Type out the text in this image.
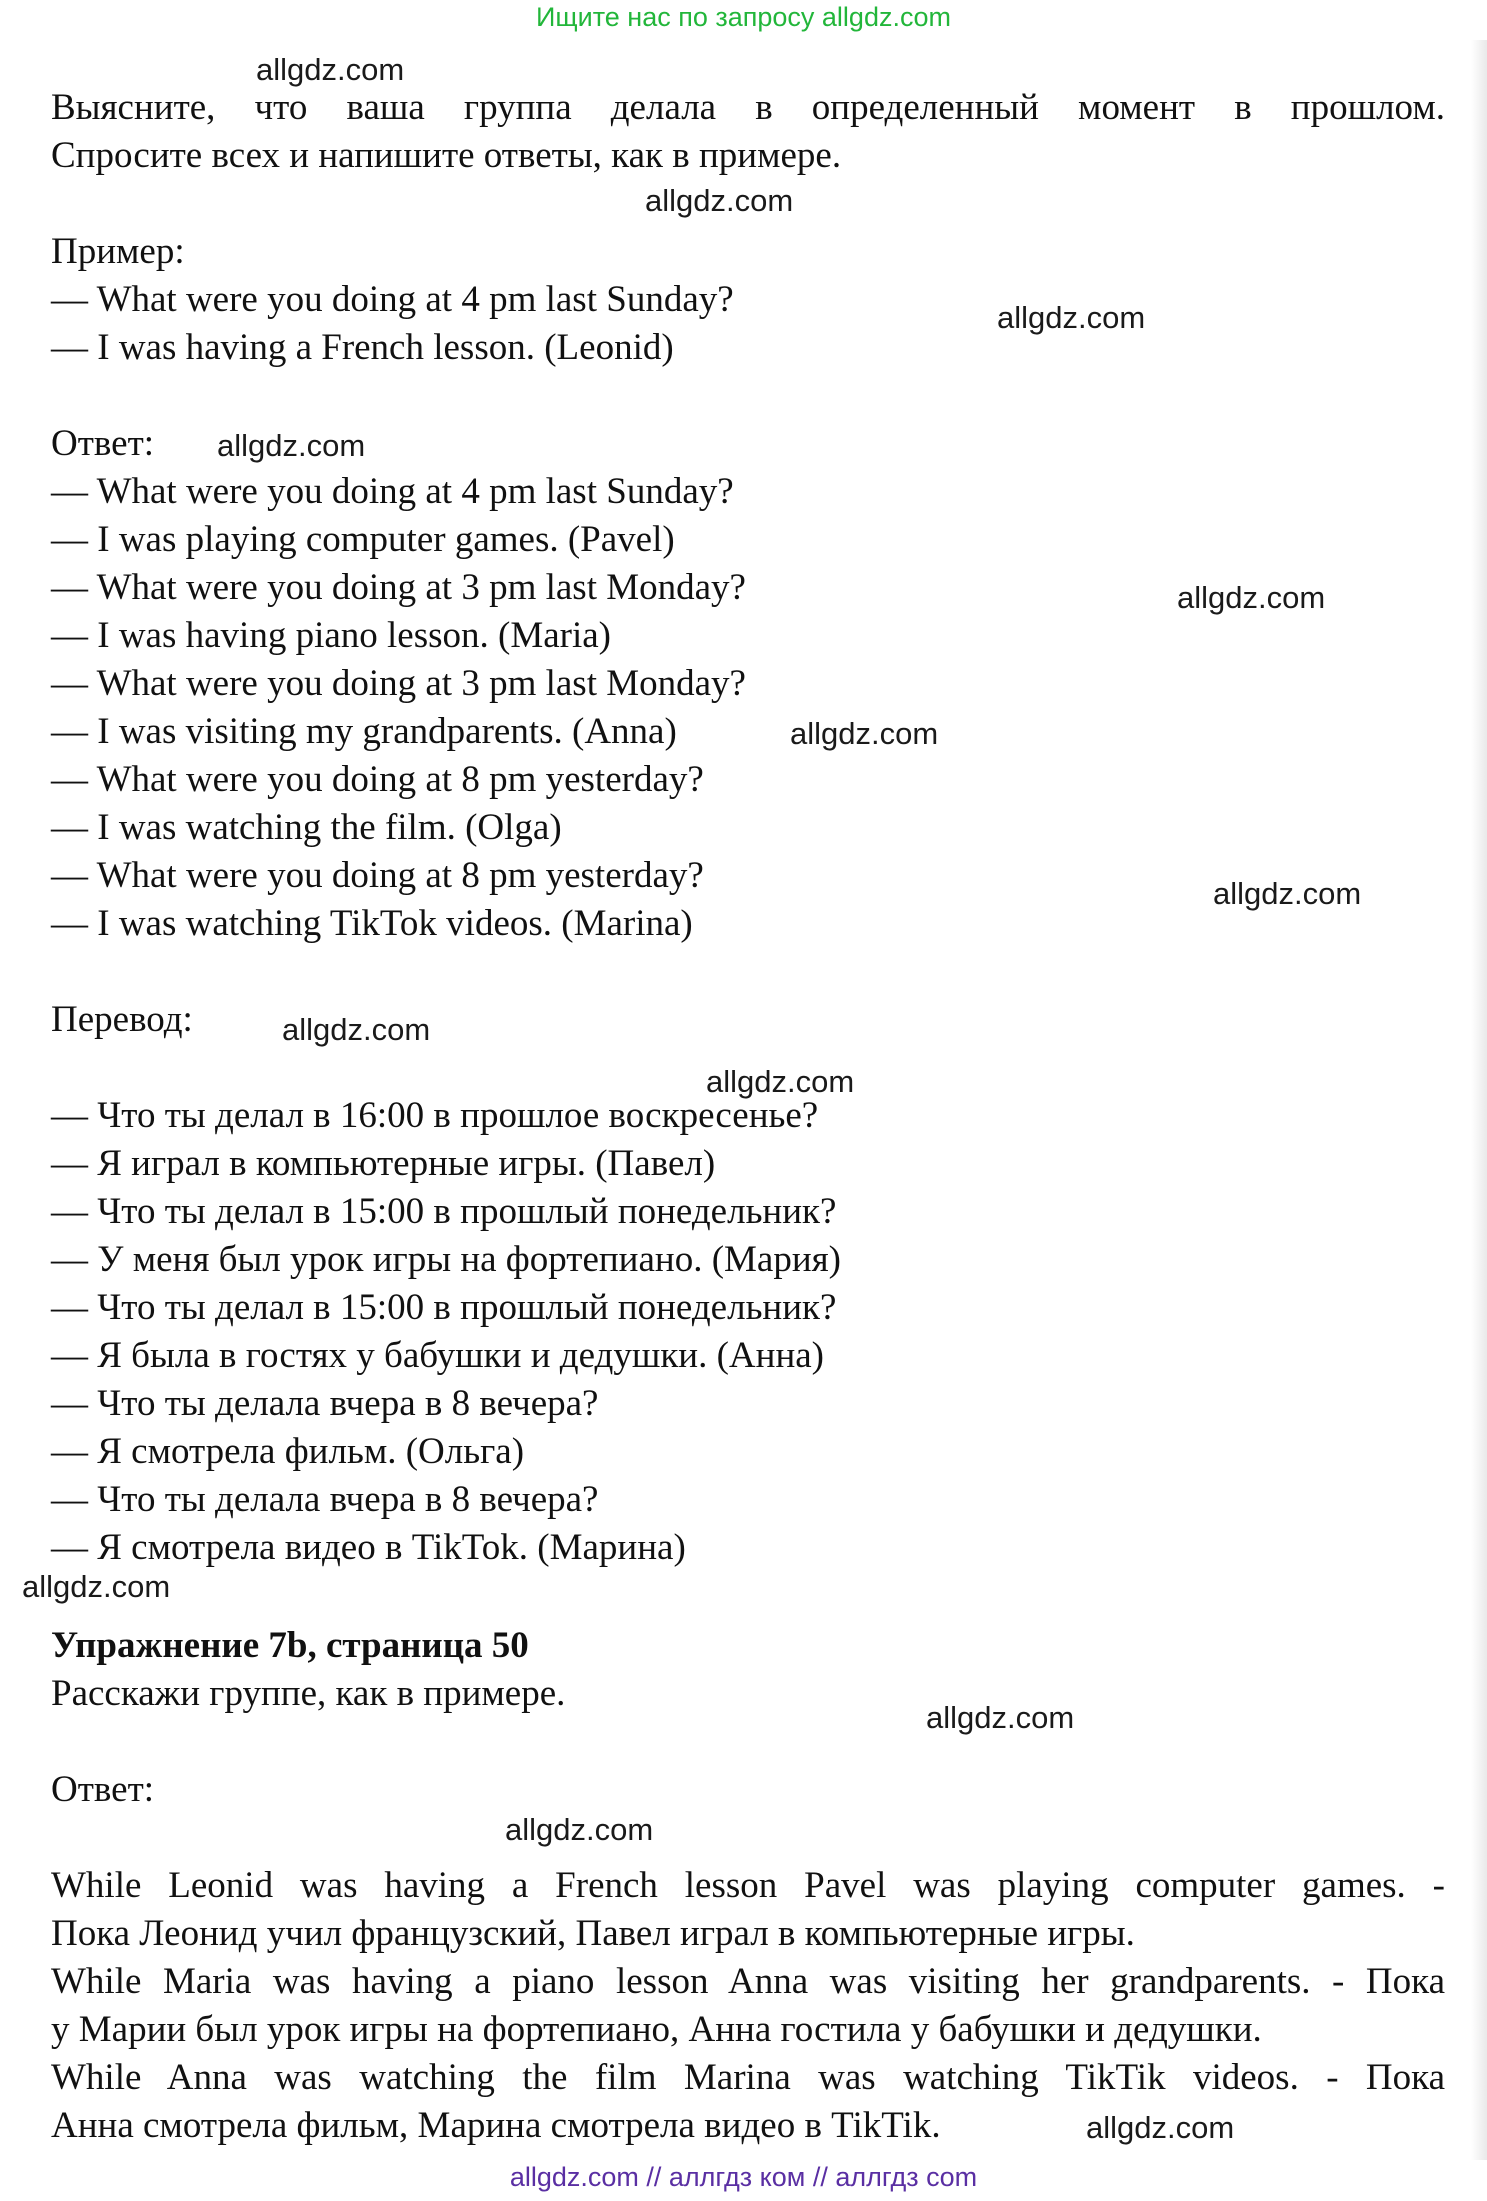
Ищите нас по запросу allgdz.com

Выясните, что ваша группа делала в определенный момент в прошлом.

Спросите всех и напишите ответы, как в примере.

Пример:

— What were you doing at 4 pm last Sunday?

— I was having a French lesson. (Leonid)

Ответ:

— What were you doing at 4 pm last Sunday?

— I was playing computer games. (Pavel)

— What were you doing at 3 pm last Monday?

— I was having piano lesson. (Maria)

— What were you doing at 3 pm last Monday?

— I was visiting my grandparents. (Anna)

— What were you doing at 8 pm yesterday?

— I was watching the film. (Olga)

— What were you doing at 8 pm yesterday?

— I was watching TikTok videos. (Marina)

Перевод:

— Что ты делал в 16:00 в прошлое воскресенье?

— Я играл в компьютерные игры. (Павел)

— Что ты делал в 15:00 в прошлый понедельник?

— У меня был урок игры на фортепиано. (Мария)

— Что ты делал в 15:00 в прошлый понедельник?

— Я была в гостях у бабушки и дедушки. (Анна)

— Что ты делала вчера в 8 вечера?

— Я смотрела фильм. (Ольга)

— Что ты делала вчера в 8 вечера?

— Я смотрела видео в TikTok. (Марина)

Упражнение 7b, страница 50

Расскажи группе, как в примере.

Ответ:

While Leonid was having a French lesson Pavel was playing computer games. -

Пока Леонид учил французский, Павел играл в компьютерные игры.

While Maria was having a piano lesson Anna was visiting her grandparents. - Пока

у Марии был урок игры на фортепиано, Анна гостила у бабушки и дедушки.

While Anna was watching the film Marina was watching TikTik videos. - Пока

Анна смотрела фильм, Марина смотрела видео в TikTik.

allgdz.com
allgdz.com
allgdz.com
allgdz.com
allgdz.com
allgdz.com
allgdz.com
allgdz.com
allgdz.com
allgdz.com
allgdz.com
allgdz.com
allgdz.com
allgdz.com // аллгдз ком // аллгдз com
